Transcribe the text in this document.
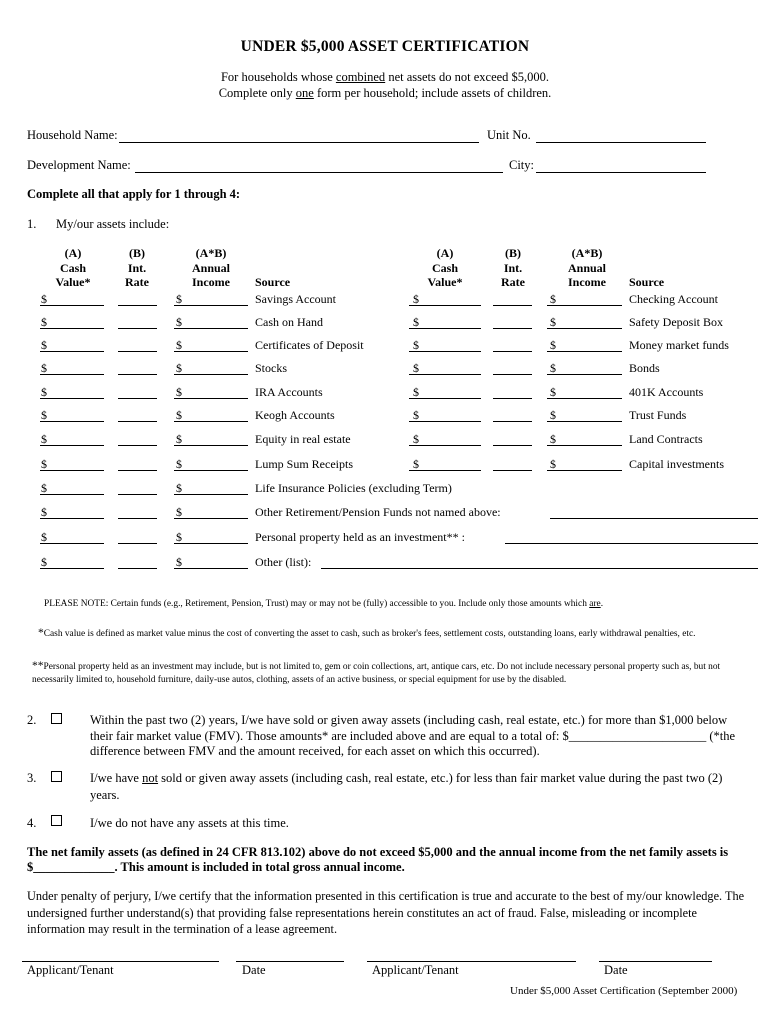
UNDER $5,000 ASSET CERTIFICATION
For households whose combined net assets do not exceed $5,000.
Complete only one form per household; include assets of children.
Household Name:	Unit No.
Development Name:	City:
Complete all that apply for 1 through 4:
1. My/our assets include:
(A)
Cash
Value*
(B)
Int.
Rate
(A*B)
Annual
Income	Source
(A)
Cash
Value*
(B)
Int.
Rate
(A*B)
Annual
Income	Source
$	$	Savings Account	$	$	Checking Account
$	$	Cash on Hand	$	$	Safety Deposit Box
$	$	Certificates of Deposit	$	$	Money market funds
$	$	Stocks	$	$	Bonds
$	$	IRA Accounts	$	$	401K Accounts
$	$	Keogh Accounts	$	$	Trust Funds
$	$	Equity in real estate	$	$	Land Contracts
$	$	Lump Sum Receipts	$	$	Capital investments
$	$	Life Insurance Policies (excluding Term)
$	$	Other Retirement/Pension Funds not named above:
$	$	Personal property held as an investment** :
$	$	Other (list):
PLEASE NOTE: Certain funds (e.g., Retirement, Pension, Trust) may or may not be (fully) accessible to you. Include only those amounts which are.
*Cash value is defined as market value minus the cost of converting the asset to cash, such as broker's fees, settlement costs, outstanding loans, early withdrawal penalties, etc.
**Personal property held as an investment may include, but is not limited to, gem or coin collections, art, antique cars, etc. Do not include necessary personal property such as, but not necessarily limited to, household furniture, daily-use autos, clothing, assets of an active business, or special equipment for use by the disabled.
2.	Within the past two (2) years, I/we have sold or given away assets (including cash, real estate, etc.) for more than $1,000 below
their fair market value (FMV). Those amounts* are included above and are equal to a total of: $______________________ (*the
difference between FMV and the amount received, for each asset on which this occurred).
3.	I/we have not sold or given away assets (including cash, real estate, etc.) for less than fair market value during the past two (2)
years.
4.	I/we do not have any assets at this time.
The net family assets (as defined in 24 CFR 813.102) above do not exceed $5,000 and the annual income from the net family assets is
$_____________. This amount is included in total gross annual income.
Under penalty of perjury, I/we certify that the information presented in this certification is true and accurate to the best of my/our knowledge. The undersigned further understand(s) that providing false representations herein constitutes an act of fraud. False, misleading or incomplete information may result in the termination of a lease agreement.
Applicant/Tenant	Date	Applicant/Tenant	Date
Under $5,000 Asset Certification (September 2000)
